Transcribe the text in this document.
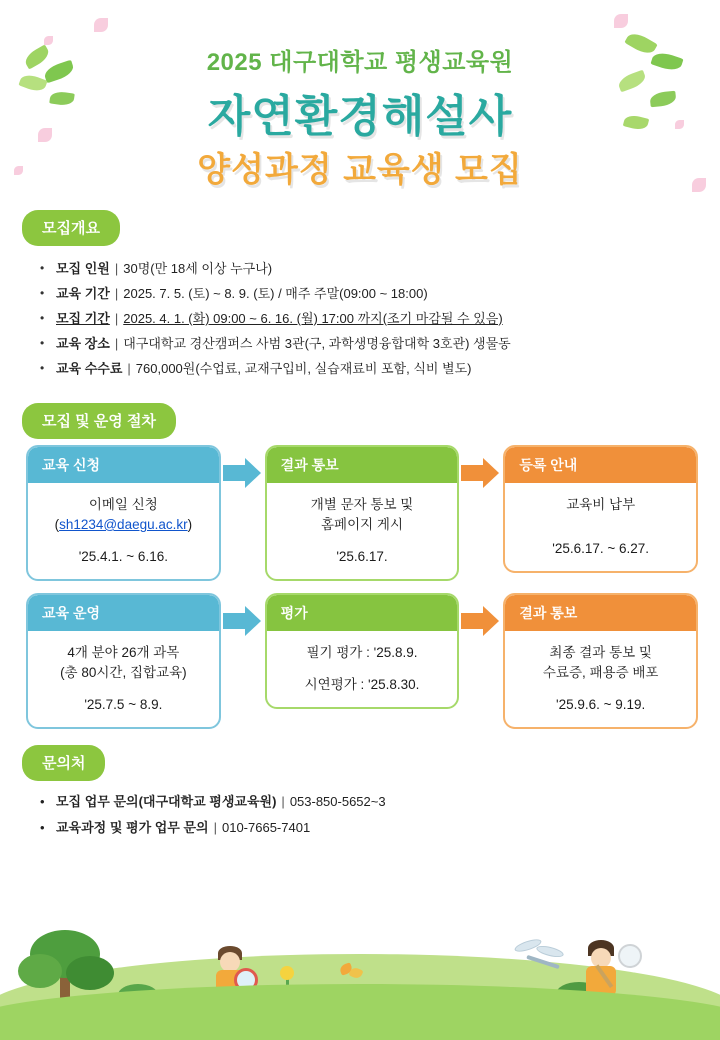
2025 대구대학교 평생교육원
자연환경해설사
양성과정 교육생 모집
모집개요
• 모집 인원 | 30명(만 18세 이상 누구나)
• 교육 기간 | 2025. 7. 5. (토) ~ 8. 9. (토) / 매주 주말(09:00 ~ 18:00)
• 모집 기간 | 2025. 4. 1. (화) 09:00 ~ 6. 16. (월) 17:00 까지(조기 마감될 수 있음)
• 교육 장소 | 대구대학교 경산캠퍼스 사범 3관(구, 과학생명융합대학 3호관) 생물동
• 교육 수수료 | 760,000원(수업료, 교재구입비, 실습재료비 포함, 식비 별도)
모집 및 운영 절차
교육 신청
이메일 신청
(sh1234@daegu.ac.kr)
'25.4.1. ~ 6.16.
결과 통보
개별 문자 통보 및
홈페이지 게시
'25.6.17.
등록 안내
교육비 납부
'25.6.17. ~ 6.27.
교육 운영
4개 분야 26개 과목
(총 80시간, 집합교육)
'25.7.5 ~ 8.9.
평가
필기 평가 : '25.8.9.
시연평가 : '25.8.30.
결과 통보
최종 결과 통보 및
수료증, 패용증 배포
'25.9.6. ~ 9.19.
문의처
• 모집 업무 문의(대구대학교 평생교육원) | 053-850-5652~3
• 교육과정 및 평가 업무 문의 | 010-7665-7401
